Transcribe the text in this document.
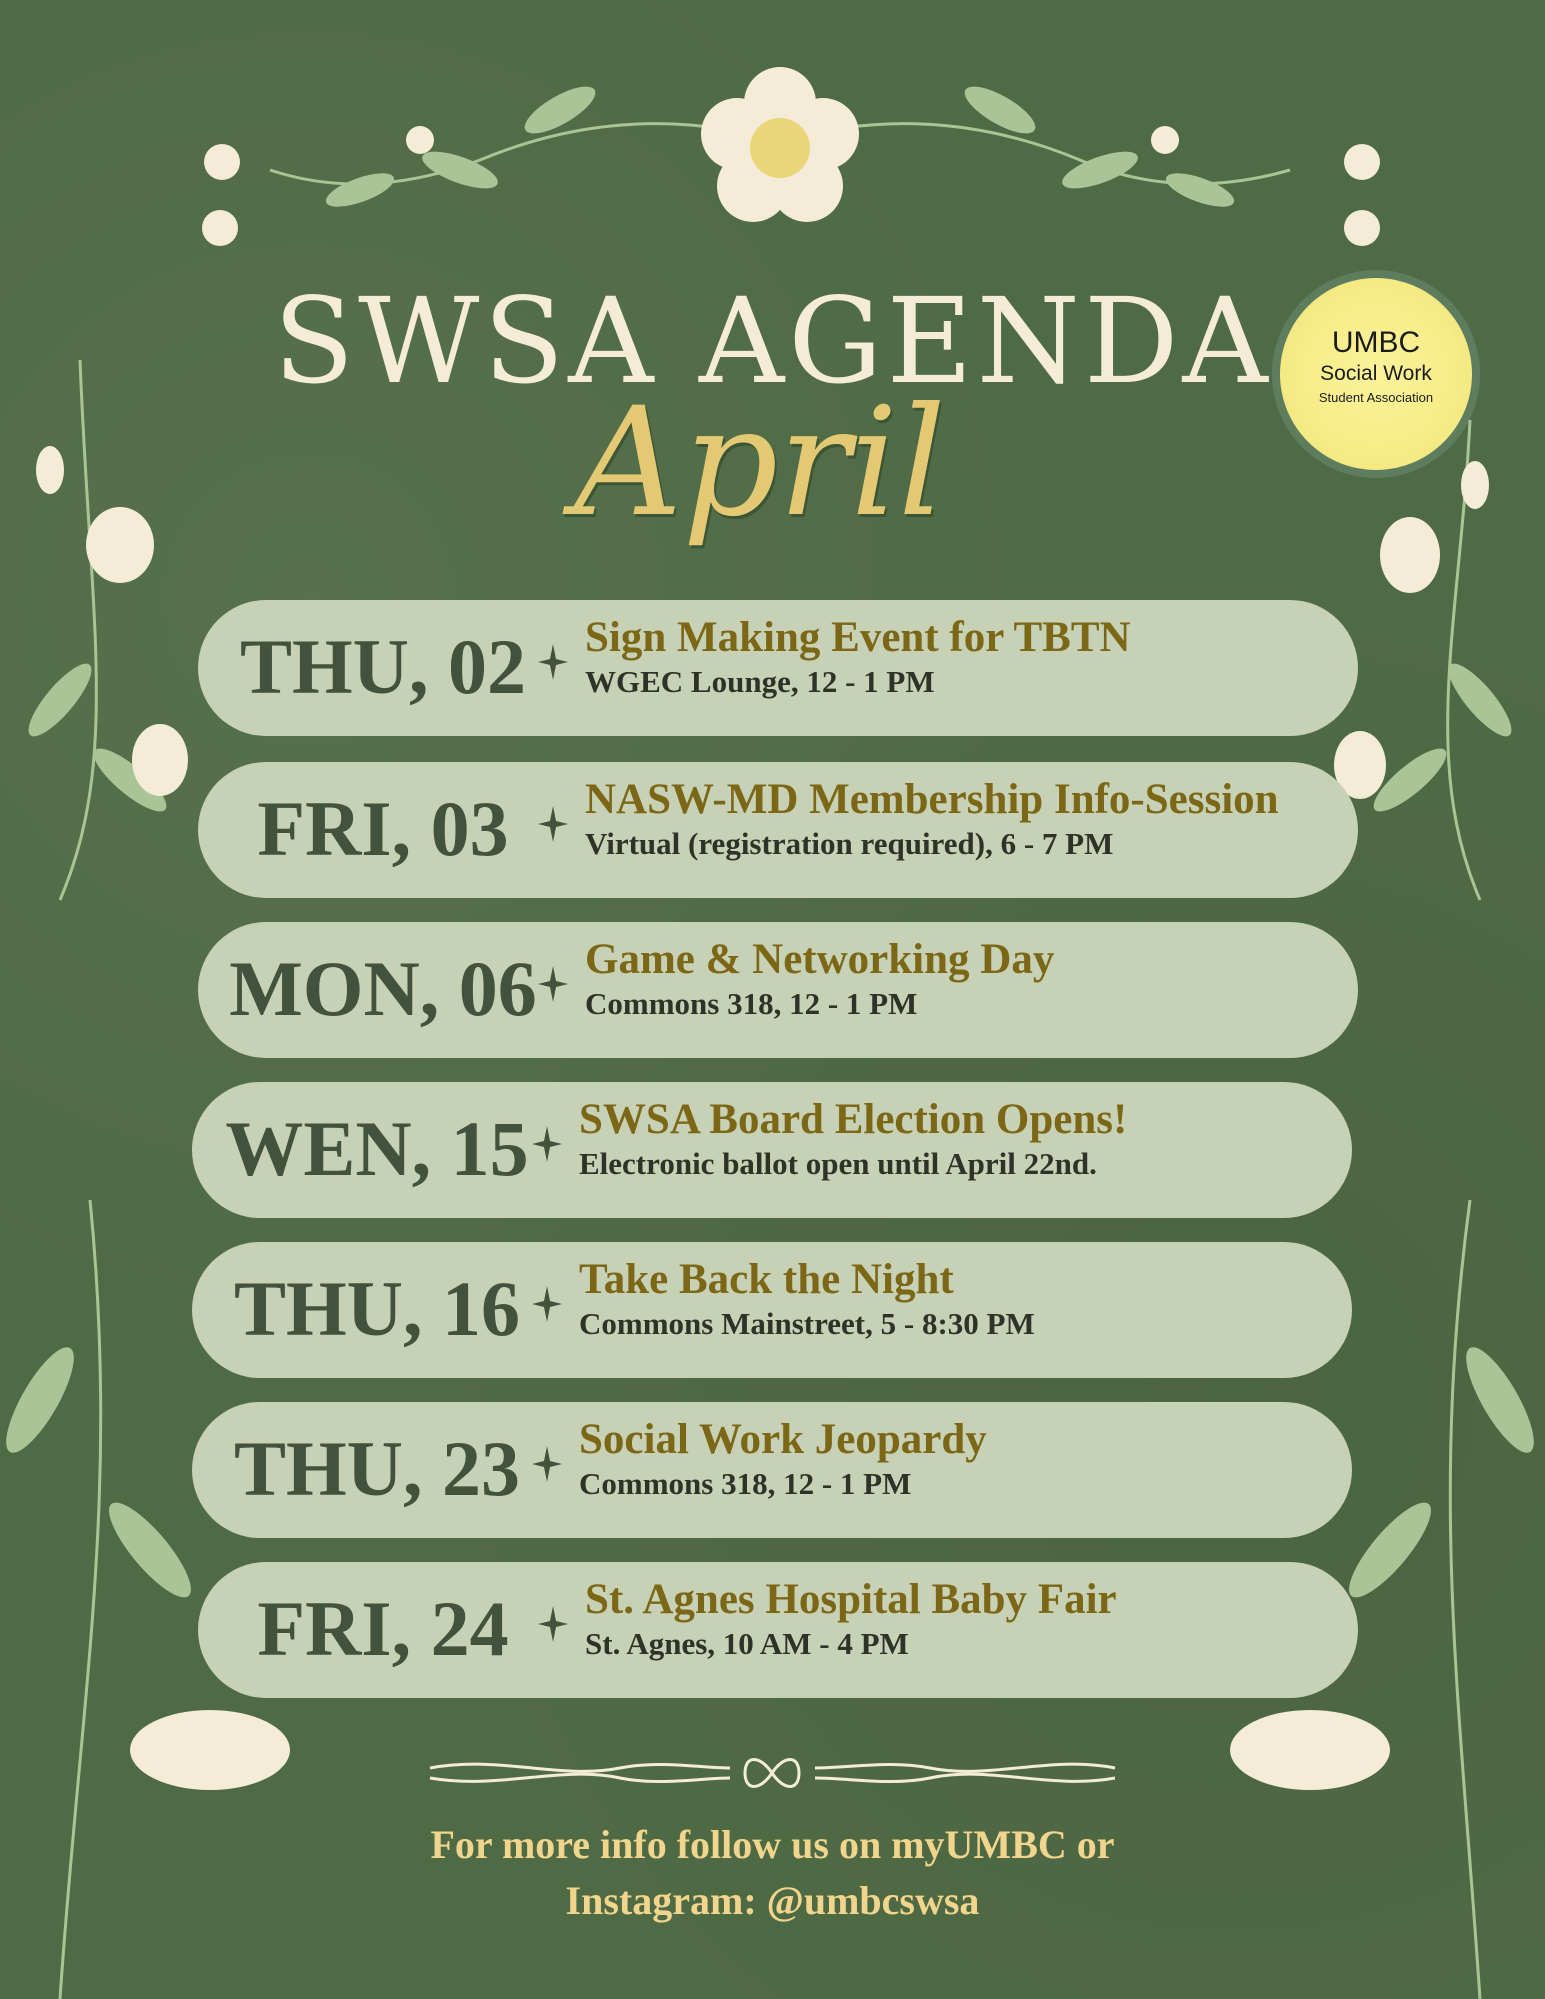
SWSA AGENDA
April
UMBC
Social Work
Student Association
THU, 02	Sign Making Event for TBTN
WGEC Lounge, 12 - 1 PM
FRI, 03	NASW-MD Membership Info-Session
Virtual (registration required), 6 - 7 PM
MON, 06	Game & Networking Day
Commons 318, 12 - 1 PM
WEN, 15	SWSA Board Election Opens!
Electronic ballot open until April 22nd.
THU, 16	Take Back the Night
Commons Mainstreet, 5 - 8:30 PM
THU, 23	Social Work Jeopardy
Commons 318, 12 - 1 PM
FRI, 24	St. Agnes Hospital Baby Fair
St. Agnes, 10 AM - 4 PM
For more info follow us on myUMBC or
Instagram: @umbcswsa
